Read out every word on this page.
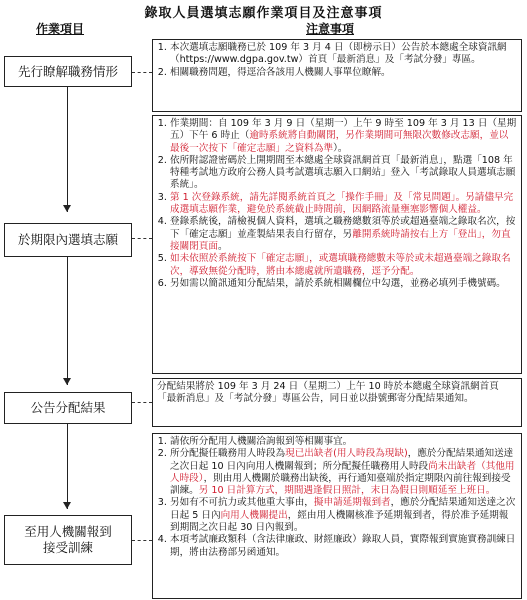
錄取人員選填志願作業項目及注意事項
作業項目	注意事項
先行瞭解職務情形
於期限內選填志願
公告分配結果
至用人機關報到接受訓練
1. 本次選填志願職務已於 109 年 3 月 4 日（即榜示日）公告於本總處全球資訊網（https://www.dgpa.gov.tw）首頁「最新消息」及「考試分發」專區。
2. 相關職務問題，得逕洽各該用人機關人事單位瞭解。
1. 作業期間：自 109 年 3 月 9 日（星期一）上午 9 時至 109 年 3 月 13 日（星期五）下午 6 時止（逾時系統將自動關閉，另作業期間可無限次數修改志願，並以最後一次按下「確定志願」之資料為準）。
2. 依所附認證密碼於上開期間至本總處全球資訊網首頁「最新消息」，點選「108 年特種考試地方政府公務人員考試選填志願入口網站」登入「考試錄取人員選填志願系統」。
3. 第 1 次登錄系統，請先詳閱系統首頁之「操作手冊」及「常見問題」。另請儘早完成選填志願作業，避免於系統截止時間前，因網路流量壅塞影響個人權益。
4. 登錄系統後，請檢視個人資料，選填之職務總數須等於或超過臺端之錄取名次，按下「確定志願」並產製結果表自行留存，另離開系統時請按右上方「登出」，勿直接關閉頁面。
5. 如未依照於系統按下「確定志願」，或選填職務總數未等於或未超過臺端之錄取名次，導致無從分配時，將由本總處就所遺職務，逕予分配。
6. 另如需以簡訊通知分配結果，請於系統相關欄位中勾選，並務必填列手機號碼。
分配結果將於 109 年 3 月 24 日（星期二）上午 10 時於本總處全球資訊網首頁「最新消息」及「考試分發」專區公告，同日並以掛號郵寄分配結果通知。
1. 請依所分配用人機關洽詢報到等相關事宜。
2. 所分配擬任職務用人時段為現已出缺者(用人時段為現缺)，應於分配結果通知送達之次日起 10 日內向用人機關報到；所分配擬任職務用人時段尚未出缺者（其他用人時段），則由用人機關於職務出缺後，再行通知臺端於指定期限內前往報到接受訓練。另 10 日計算方式，期間遇逢假日照計，末日為假日則順延至上班日。
3. 另如有不可抗力或其他重大事由，擬申請延期報到者，應於分配結果通知送達之次日起 5 日內向用人機關提出，經由用人機關核准予延期報到者，得於准予延期報到期間之次日起 30 日內報到。
4. 本項考試廉政類科（含法律廉政、財經廉政）錄取人員，實際報到實施實務訓練日期，將由法務部另函通知。
